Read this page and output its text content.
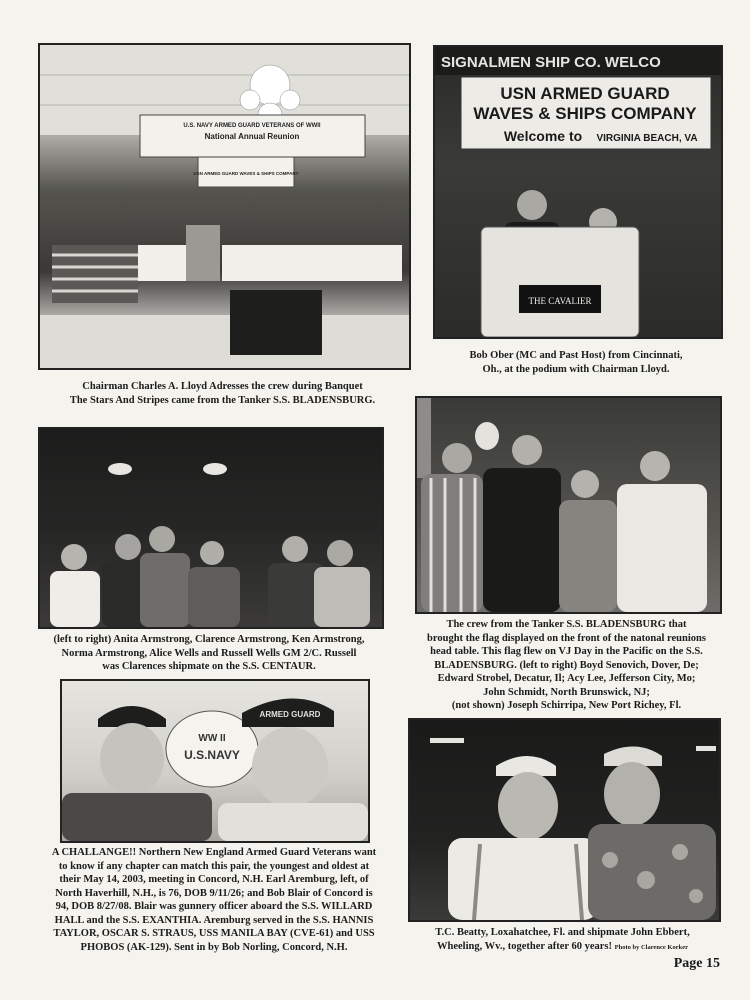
U.S. NAVY ARMED GUARD VETERANS OF WWII
National Annual Reunion
USN ARMED GUARD WAVES & SHIPS COMPANY
Chairman Charles A. Lloyd Adresses the crew during Banquet
The Stars And Stripes came from the Tanker S.S. BLADENSBURG.
SIGNALMEN SHIP CO. WELCO
USN ARMED GUARD
WAVES & SHIPS COMPANY
Welcome to VIRGINIA BEACH, VA
THE CAVALIER
Bob Ober (MC and Past Host) from Cincinnati,
Oh., at the podium with Chairman Lloyd.
(left to right) Anita Armstrong, Clarence Armstrong, Ken Armstrong,
Norma Armstrong, Alice Wells and Russell Wells GM 2/C. Russell
was Clarences shipmate on the S.S. CENTAUR.
The crew from the Tanker S.S. BLADENSBURG that
brought the flag displayed on the front of the natonal reunions
head table. This flag flew on VJ Day in the Pacific on the S.S.
BLADENSBURG. (left to right) Boyd Senovich, Dover, De;
Edward Strobel, Decatur, Il; Acy Lee, Jefferson City, Mo;
John Schmidt, North Brunswick, NJ;
(not shown) Joseph Schirripa, New Port Richey, Fl.
WW II
U.S.NAVY
ARMED GUARD
A CHALLANGE!! Northern New England Armed Guard Veterans want
to know if any chapter can match this pair, the youngest and oldest at
their May 14, 2003, meeting in Concord, N.H. Earl Aremburg, left, of
North Haverhill, N.H., is 76, DOB 9/11/26; and Bob Blair of Concord is
94, DOB 8/27/08. Blair was gunnery officer aboard the S.S. WILLARD
HALL and the S.S. EXANTHIA. Aremburg served in the S.S. HANNIS
TAYLOR, OSCAR S. STRAUS, USS MANILA BAY (CVE-61) and USS
PHOBOS (AK-129). Sent in by Bob Norling, Concord, N.H.
T.C. Beatty, Loxahatchee, Fl. and shipmate John Ebbert,
Wheeling, Wv., together after 60 years! Photo by Clarence Korker
Page 15
